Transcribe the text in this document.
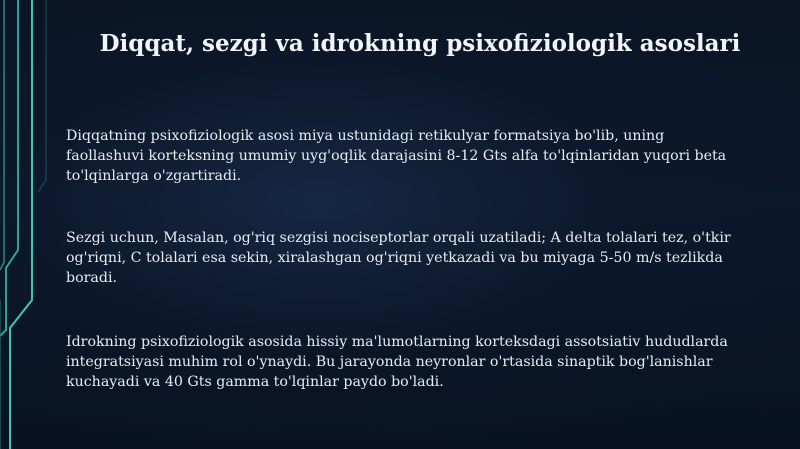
Diqqat, sezgi va idrokning psixofiziologik asoslari
Diqqatning psixofiziologik asosi miya ustunidagi retikulyar formatsiya bo'lib, uning
faollashuvi korteksning umumiy uyg'oqlik darajasini 8-12 Gts alfa to'lqinlaridan yuqori beta
to'lqinlarga o'zgartiradi.
Sezgi uchun, Masalan, og'riq sezgisi nociseptorlar orqali uzatiladi; A delta tolalari tez, o'tkir
og'riqni, C tolalari esa sekin, xiralashgan og'riqni yetkazadi va bu miyaga 5-50 m/s tezlikda
boradi.
Idrokning psixofiziologik asosida hissiy ma'lumotlarning korteksdagi assotsiativ hududlarda
integratsiyasi muhim rol o'ynaydi. Bu jarayonda neyronlar o'rtasida sinaptik bog'lanishlar
kuchayadi va 40 Gts gamma to'lqinlar paydo bo'ladi.
